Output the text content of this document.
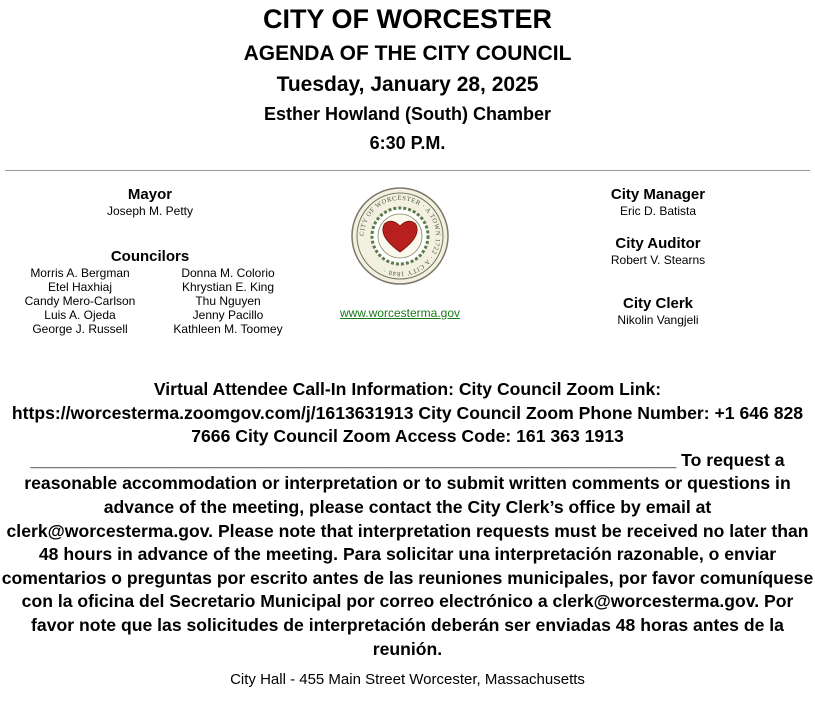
CITY OF WORCESTER
AGENDA OF THE CITY COUNCIL
Tuesday, January 28, 2025
Esther Howland (South) Chamber
6:30 P.M.
Mayor
Joseph M. Petty
Councilors
Morris A. Bergman
Etel Haxhiaj
Candy Mero-Carlson
Luis A. Ojeda
George J. Russell
Donna M. Colorio
Khrystian E. King
Thu Nguyen
Jenny Pacillo
Kathleen M. Toomey
CITY OF WORCESTER · A TOWN 1722 · A CITY 1848 ·
www.worcesterma.gov
City Manager
Eric D. Batista
City Auditor
Robert V. Stearns
City Clerk
Nikolin Vangjeli
Virtual Attendee Call-In Information: City Council Zoom Link: https://worcesterma.zoomgov.com/j/1613631913 City Council Zoom Phone Number: +1 646 828 7666 City Council Zoom Access Code: 161 363 1913 __________________________________________________________________ To request a reasonable accommodation or interpretation or to submit written comments or questions in advance of the meeting, please contact the City Clerk’s office by email at clerk@worcesterma.gov. Please note that interpretation requests must be received no later than 48 hours in advance of the meeting. Para solicitar una interpretación razonable, o enviar comentarios o preguntas por escrito antes de las reuniones municipales, por favor comuníquese con la oficina del Secretario Municipal por correo electrónico a clerk@worcesterma.gov. Por favor note que las solicitudes de interpretación deberán ser enviadas 48 horas antes de la reunión.
City Hall - 455 Main Street Worcester, Massachusetts
